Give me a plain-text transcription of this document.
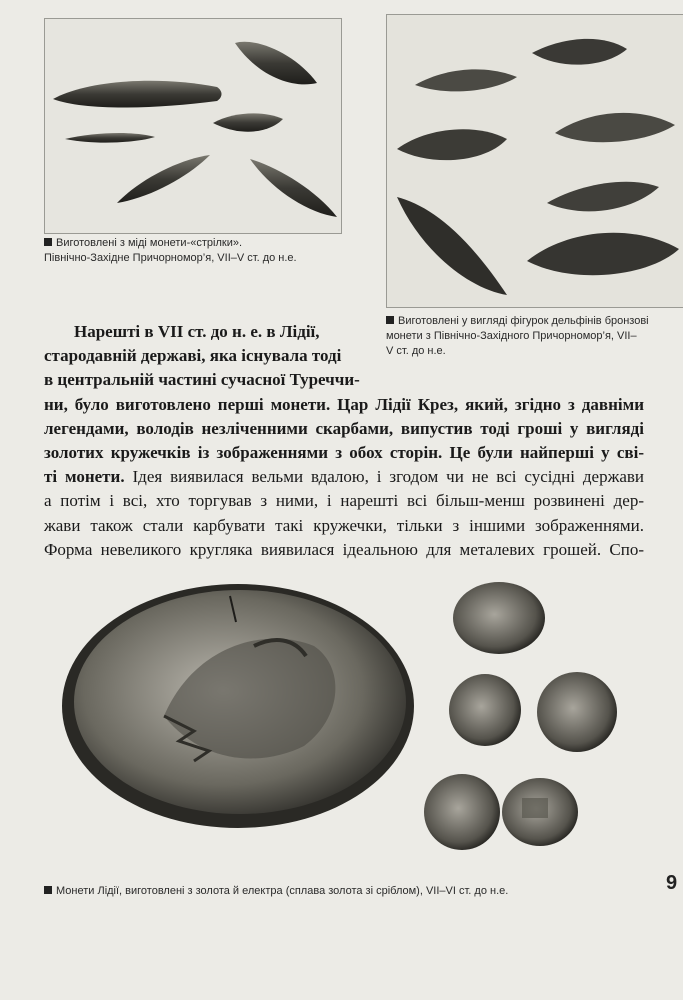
Виготовлені з міді монети-«стрілки».
Північно-Західне Причорномор’я, VII–V ст. до н.е.
Виготовлені у вигляді фігурок дельфінів бронзові
монети з Північно-Західного Причорномор’я, VII–
V ст. до н.е.
Нарешті в VII ст. до н. е. в Лідії,
стародавній державі, яка існувала тоді
в центральній частині сучасної Туреччи-
ни, було виготовлено перші монети. Цар Лідії Крез, який, згідно з давніми
легендами, володів незліченними скарбами, випустив тоді гроші у вигляді
золотих кружечків із зображеннями з обох сторін. Це були найперші у сві-
ті монети. Ідея виявилася вельми вдалою, і згодом чи не всі сусідні держави
а потім і всі, хто торгував з ними, і нарешті всі більш-менш розвинені дер-
жави також стали карбувати такі кружечки, тільки з іншими зображеннями.
Форма невеликого кругляка виявилася ідеальною для металевих грошей. Спо-
Монети Лідії, виготовлені з золота й електра (сплава золота зі сріблом), VII–VI ст. до н.е.	9
